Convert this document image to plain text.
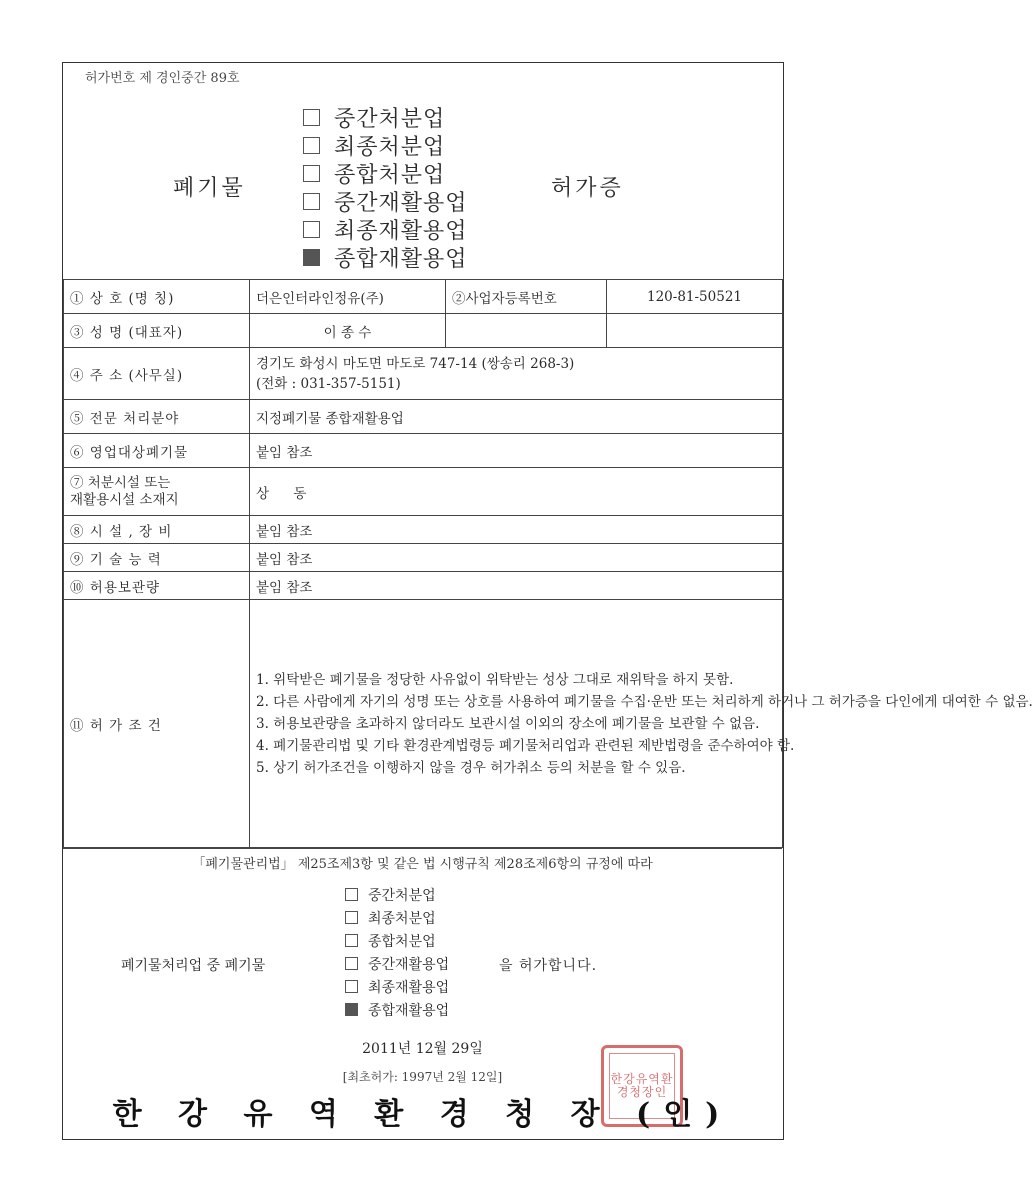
허가번호 제 경인중간 89호
폐기물
중간처분업
최종처분업
종합처분업
중간재활용업
최종재활용업
종합재활용업
허가증
① 상 호 (명 칭)	더은인터라인정유(주)	②사업자등록번호	120-81-50521
③ 성 명 (대표자)	이 종 수		
④ 주 소 (사무실)	경기도 화성시 마도면 마도로 747-14 (쌍송리 268-3)
(전화 : 031-357-5151)		

⑤ 전문 처리분야	지정폐기물 종합재활용업		
⑥ 영업대상폐기물	붙임 참조		

⑦ 처분시설 또는
재활용시설 소재지	상 동		
⑧ 시 설 , 장 비	붙임 참조		
⑨ 기 술 능 력	붙임 참조		
⑩ 허용보관량	붙임 참조		
⑪ 허 가 조 건	1. 위탁받은 폐기물을 정당한 사유없이 위탁받는 성상 그대로 재위탁을 하지 못함.
2. 다른 사람에게 자기의 성명 또는 상호를 사용하여 폐기물을 수집·운반 또는 처리하게 하거나 그 허가증을 다인에게 대여한 수 없음.
3. 허용보관량을 초과하지 않더라도 보관시설 이외의 장소에 폐기물을 보관할 수 없음.
4. 폐기물관리법 및 기타 환경관계법령등 폐기물처리업과 관련된 제반법령을 준수하여야 함.
5. 상기 허가조건을 이행하지 않을 경우 허가취소 등의 처분을 할 수 있음.		
「폐기물관리법」 제25조제3항 및 같은 법 시행규칙 제28조제6항의 규정에 따라
폐기물처리업 중 폐기물
중간처분업
최종처분업
종합처분업
중간재활용업
최종재활용업
종합재활용업
을 허가합니다.
2011년 12월 29일
[최초허가: 1997년 2월 12일]	한강유역환경청장인
한 강 유 역 환 경 청 장 (인)
